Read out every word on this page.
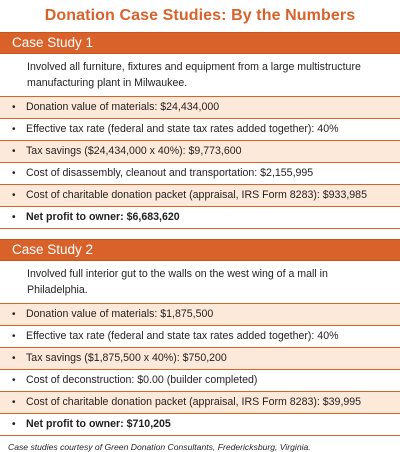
Donation Case Studies: By the Numbers
Case Study 1
Involved all furniture, fixtures and equipment from a large multistructure manufacturing plant in Milwaukee.
• Donation value of materials: $24,434,000
• Effective tax rate (federal and state tax rates added together): 40%
• Tax savings ($24,434,000 x 40%): $9,773,600
• Cost of disassembly, cleanout and transportation: $2,155,995
• Cost of charitable donation packet (appraisal, IRS Form 8283): $933,985
• Net profit to owner: $6,683,620
Case Study 2
Involved full interior gut to the walls on the west wing of a mall in Philadelphia.
• Donation value of materials: $1,875,500
• Effective tax rate (federal and state tax rates added together): 40%
• Tax savings ($1,875,500 x 40%): $750,200
• Cost of deconstruction: $0.00 (builder completed)
• Cost of charitable donation packet (appraisal, IRS Form 8283): $39,995
• Net profit to owner: $710,205
Case studies courtesy of Green Donation Consultants, Fredericksburg, Virginia.
